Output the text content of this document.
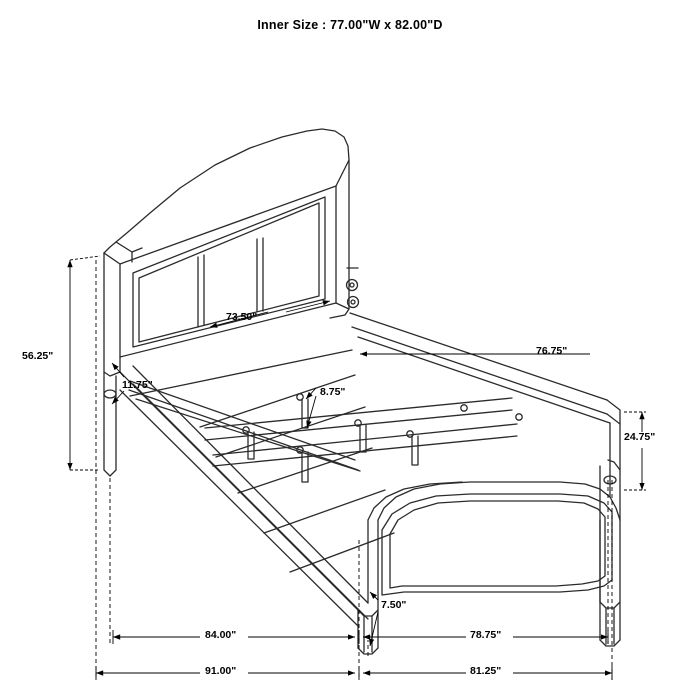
Inner Size : 77.00"W x 82.00"D
56.25"
73.50"
76.75"
11.75"
8.75"
24.75"
7.50"
84.00"	78.75"
91.00"	81.25"
